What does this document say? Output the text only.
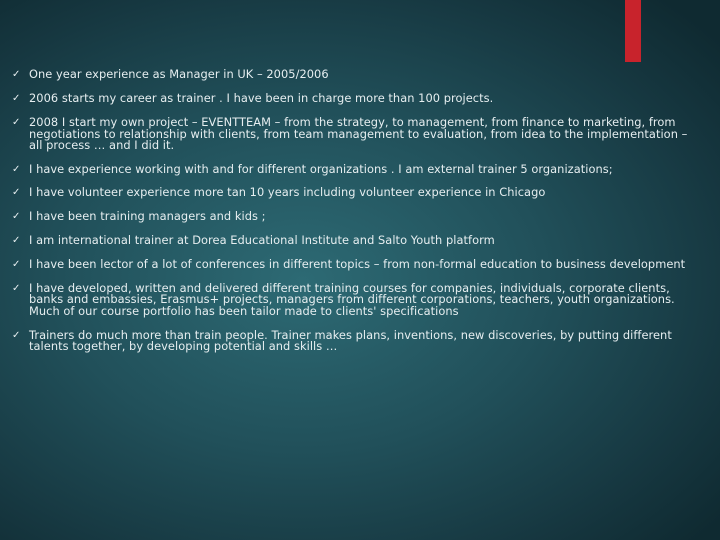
✓ One year experience as Manager in UK – 2005/2006
✓ 2006 starts my career as trainer . I have been in charge more than 100 projects.
✓ 2008 I start my own project – EVENTTEAM – from the strategy, to management, from finance to marketing, from negotiations to relationship with clients, from team management to evaluation, from idea to the implementation – all process … and I did it.
✓ I have experience working with and for different organizations . I am external trainer 5 organizations;
✓ I have volunteer experience more tan 10 years including volunteer experience in Chicago
✓ I have been training managers and kids ;
✓ I am international trainer at Dorea Educational Institute and Salto Youth platform
✓ I have been lector of a lot of conferences in different topics – from non-formal education to business development
✓ I have developed, written and delivered different training courses for companies, individuals, corporate clients, banks and embassies, Erasmus+ projects, managers from different corporations, teachers, youth organizations. Much of our course portfolio has been tailor made to clients' specifications
✓ Trainers do much more than train people. Trainer makes plans, inventions, new discoveries, by putting different talents together, by developing potential and skills …
